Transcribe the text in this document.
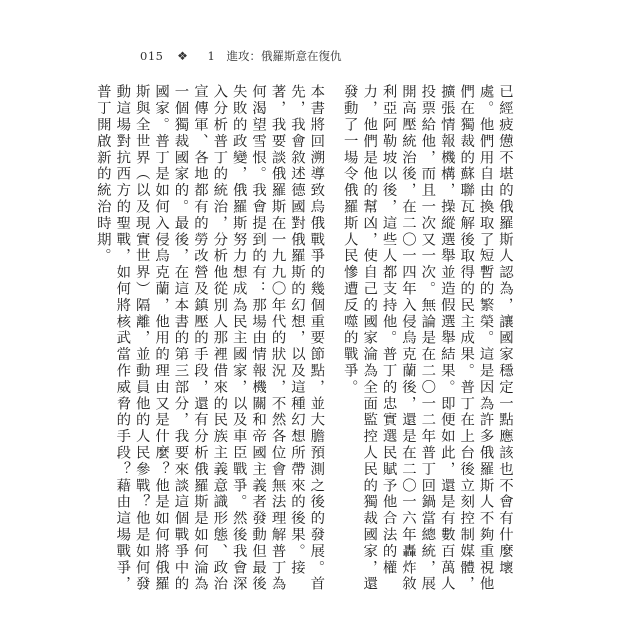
015 ❖ 1 進攻：俄羅斯意在復仇

已經疲憊不堪的俄羅斯人認為，讓國家穩定一點應該也不會有什麼壞處。他們用自由換取了短暫的繁榮。這是因為許多俄羅斯人不夠重視他們在獨裁的蘇聯瓦解後取得的民主成果。普丁在上台後立刻控制媒體，擴張情報機構，操縱選舉並造假選舉結果。即便如此，還是有數百萬人投票給他，而且一次又一次。無論是在二〇一二年普丁回鍋當總統，展開高壓統治後，在二〇一四年入侵烏克蘭後，還是在二〇一六年轟炸敘利亞阿勒坡以後，這些人都支持他。普丁的忠實選民賦予他合法的權力，他們是他的幫凶，使自己的國家淪為全面監控人民的獨裁國家，還發動了一場令俄羅斯人民慘遭反噬的戰爭。

本書將回溯導致烏俄戰爭的幾個重要節點，並大膽預測之後的發展。首先，我會敘述德國對俄羅斯的幻想，以及這種幻想所帶來的後果。接著，我要談俄羅斯在一九九〇年代的狀況，不然各位會無法理解普丁為何渴望雪恨。我會提到的有：那場由情報機關和帝國主義者發動但最後失敗的政變，俄羅斯努力想成為民主國家，以及車臣戰爭。然後我會深入分析普丁的統治，分析他從別人那裡借來的民族主義意識形態、政治宣傳軍、各地都有的勞改營及鎮壓的手段，還有分析俄羅斯是如何淪為一個獨裁國家的。最後，在這本書的第三部分，我要來談這個戰爭中的國家。普丁是如何入侵烏克蘭，他用的理由又是什麼？他是如何將俄羅斯與全世界（以及現實世界）隔離，並動員他的人民參戰？他是如何發動這場對抗西方的聖戰，如何將核武當作威脅的手段？藉由這場戰爭，普丁開啟新的統治時期。
